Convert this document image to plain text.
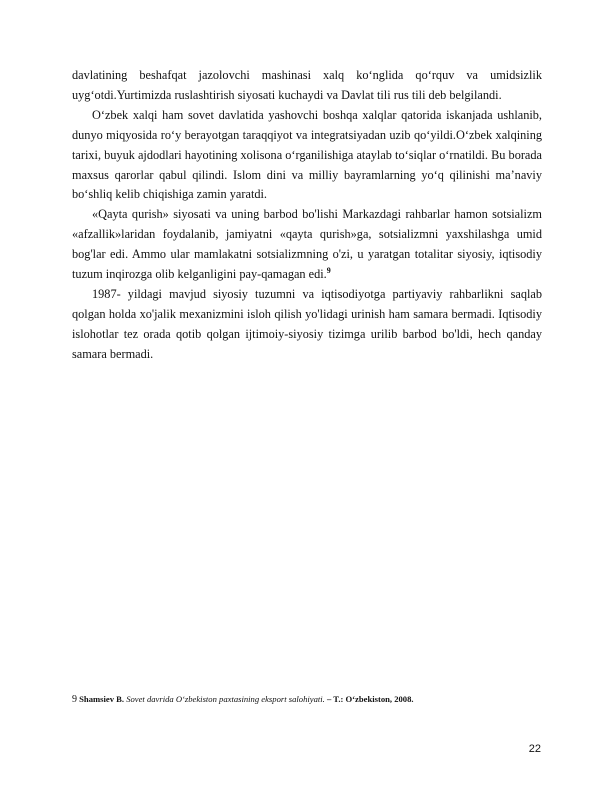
davlatining beshafqat jazolovchi mashinasi xalq ko‘nglida qo‘rquv va umidsizlik uyg‘otdi.Yurtimizda ruslashtirish siyosati kuchaydi va Davlat tili rus tili deb belgilandi.

O‘zbek xalqi ham sovet davlatida yashovchi boshqa xalqlar qatorida iskanjada ushlanib, dunyo miqyosida ro‘y berayotgan taraqqiyot va integratsiyadan uzib qo‘yildi.O‘zbek xalqining tarixi, buyuk ajdodlari hayotining xolisona o‘rganilishiga ataylab to‘siqlar o‘rnatildi. Bu borada maxsus qarorlar qabul qilindi. Islom dini va milliy bayramlarning yo‘q qilinishi ma’naviy bo‘shliq kelib chiqishiga zamin yaratdi.

«Qayta qurish» siyosati va uning barbod bo'lishi Markazdagi rahbarlar hamon sotsializm «afzallik»laridan foydalanib, jamiyatni «qayta qurish»ga, sotsializmni yaxshilashga umid bog'lar edi. Ammo ular mamlakatni sotsializmning o'zi, u yaratgan totalitar siyosiy, iqtisodiy tuzum inqirozga olib kelganligini pay-qamagan edi.$^9$

1987- yildagi mavjud siyosiy tuzumni va iqtisodiyotga partiyaviy rahbarlikni saqlab qolgan holda xo'jalik mexanizmini isloh qilish yo'lidagi urinish ham samara bermadi. Iqtisodiy islohotlar tez orada qotib qolgan ijtimoiy-siyosiy tizimga urilib barbod bo'ldi, hech qanday samara bermadi.

9 Shamsiev B. Sovet davrida O‘zbekiston paxtasining eksport salohiyati. – T.: O‘zbekiston, 2008.
22
